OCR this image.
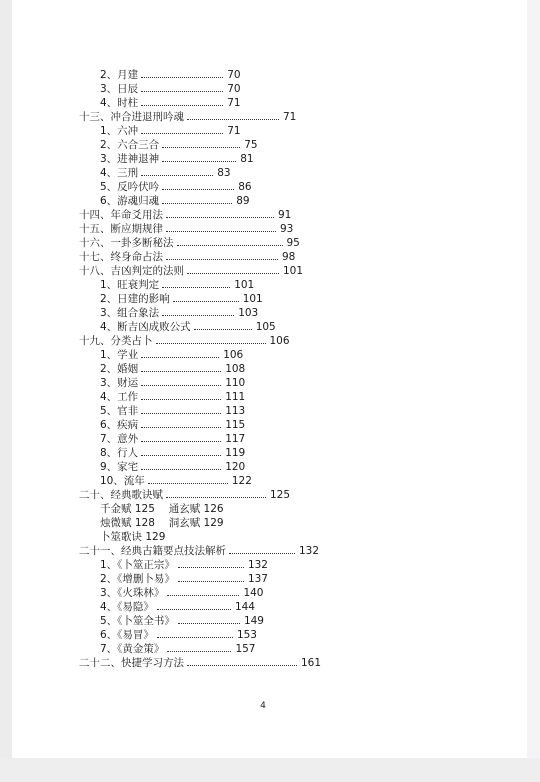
2、月建	70
3、日辰	70
4、时柱	71
十三、冲合进退刑吟魂	71
1、六冲	71
2、六合三合	75
3、进神退神	81
4、三刑	83
5、反吟伏吟	86
6、游魂归魂	89
十四、年命爻用法	91
十五、断应期规律	93
十六、一卦多断秘法	95
十七、终身命占法	98
十八、吉凶判定的法则	101
1、旺衰判定	101
2、日建的影响	101
3、组合象法	103
4、断吉凶成败公式	105
十九、分类占卜	106
1、学业	106
2、婚姻	108
3、财运	110
4、工作	111
5、官非	113
6、疾病	115
7、意外	117
8、行人	119
9、家宅	120
10、流年	122
二十、经典歌诀赋	125
千金赋 125　 通玄赋 126
烛微赋 128　 洞玄赋 129
卜筮歌诀 129
二十一、经典古籍要点技法解析	132
1、《卜筮正宗》	132
2、《增删卜易》	137
3、《火珠林》	140
4、《易隐》	144
5、《卜筮全书》	149
6、《易冒》	153
7、《黄金策》	157
二十二、快捷学习方法	161
4
